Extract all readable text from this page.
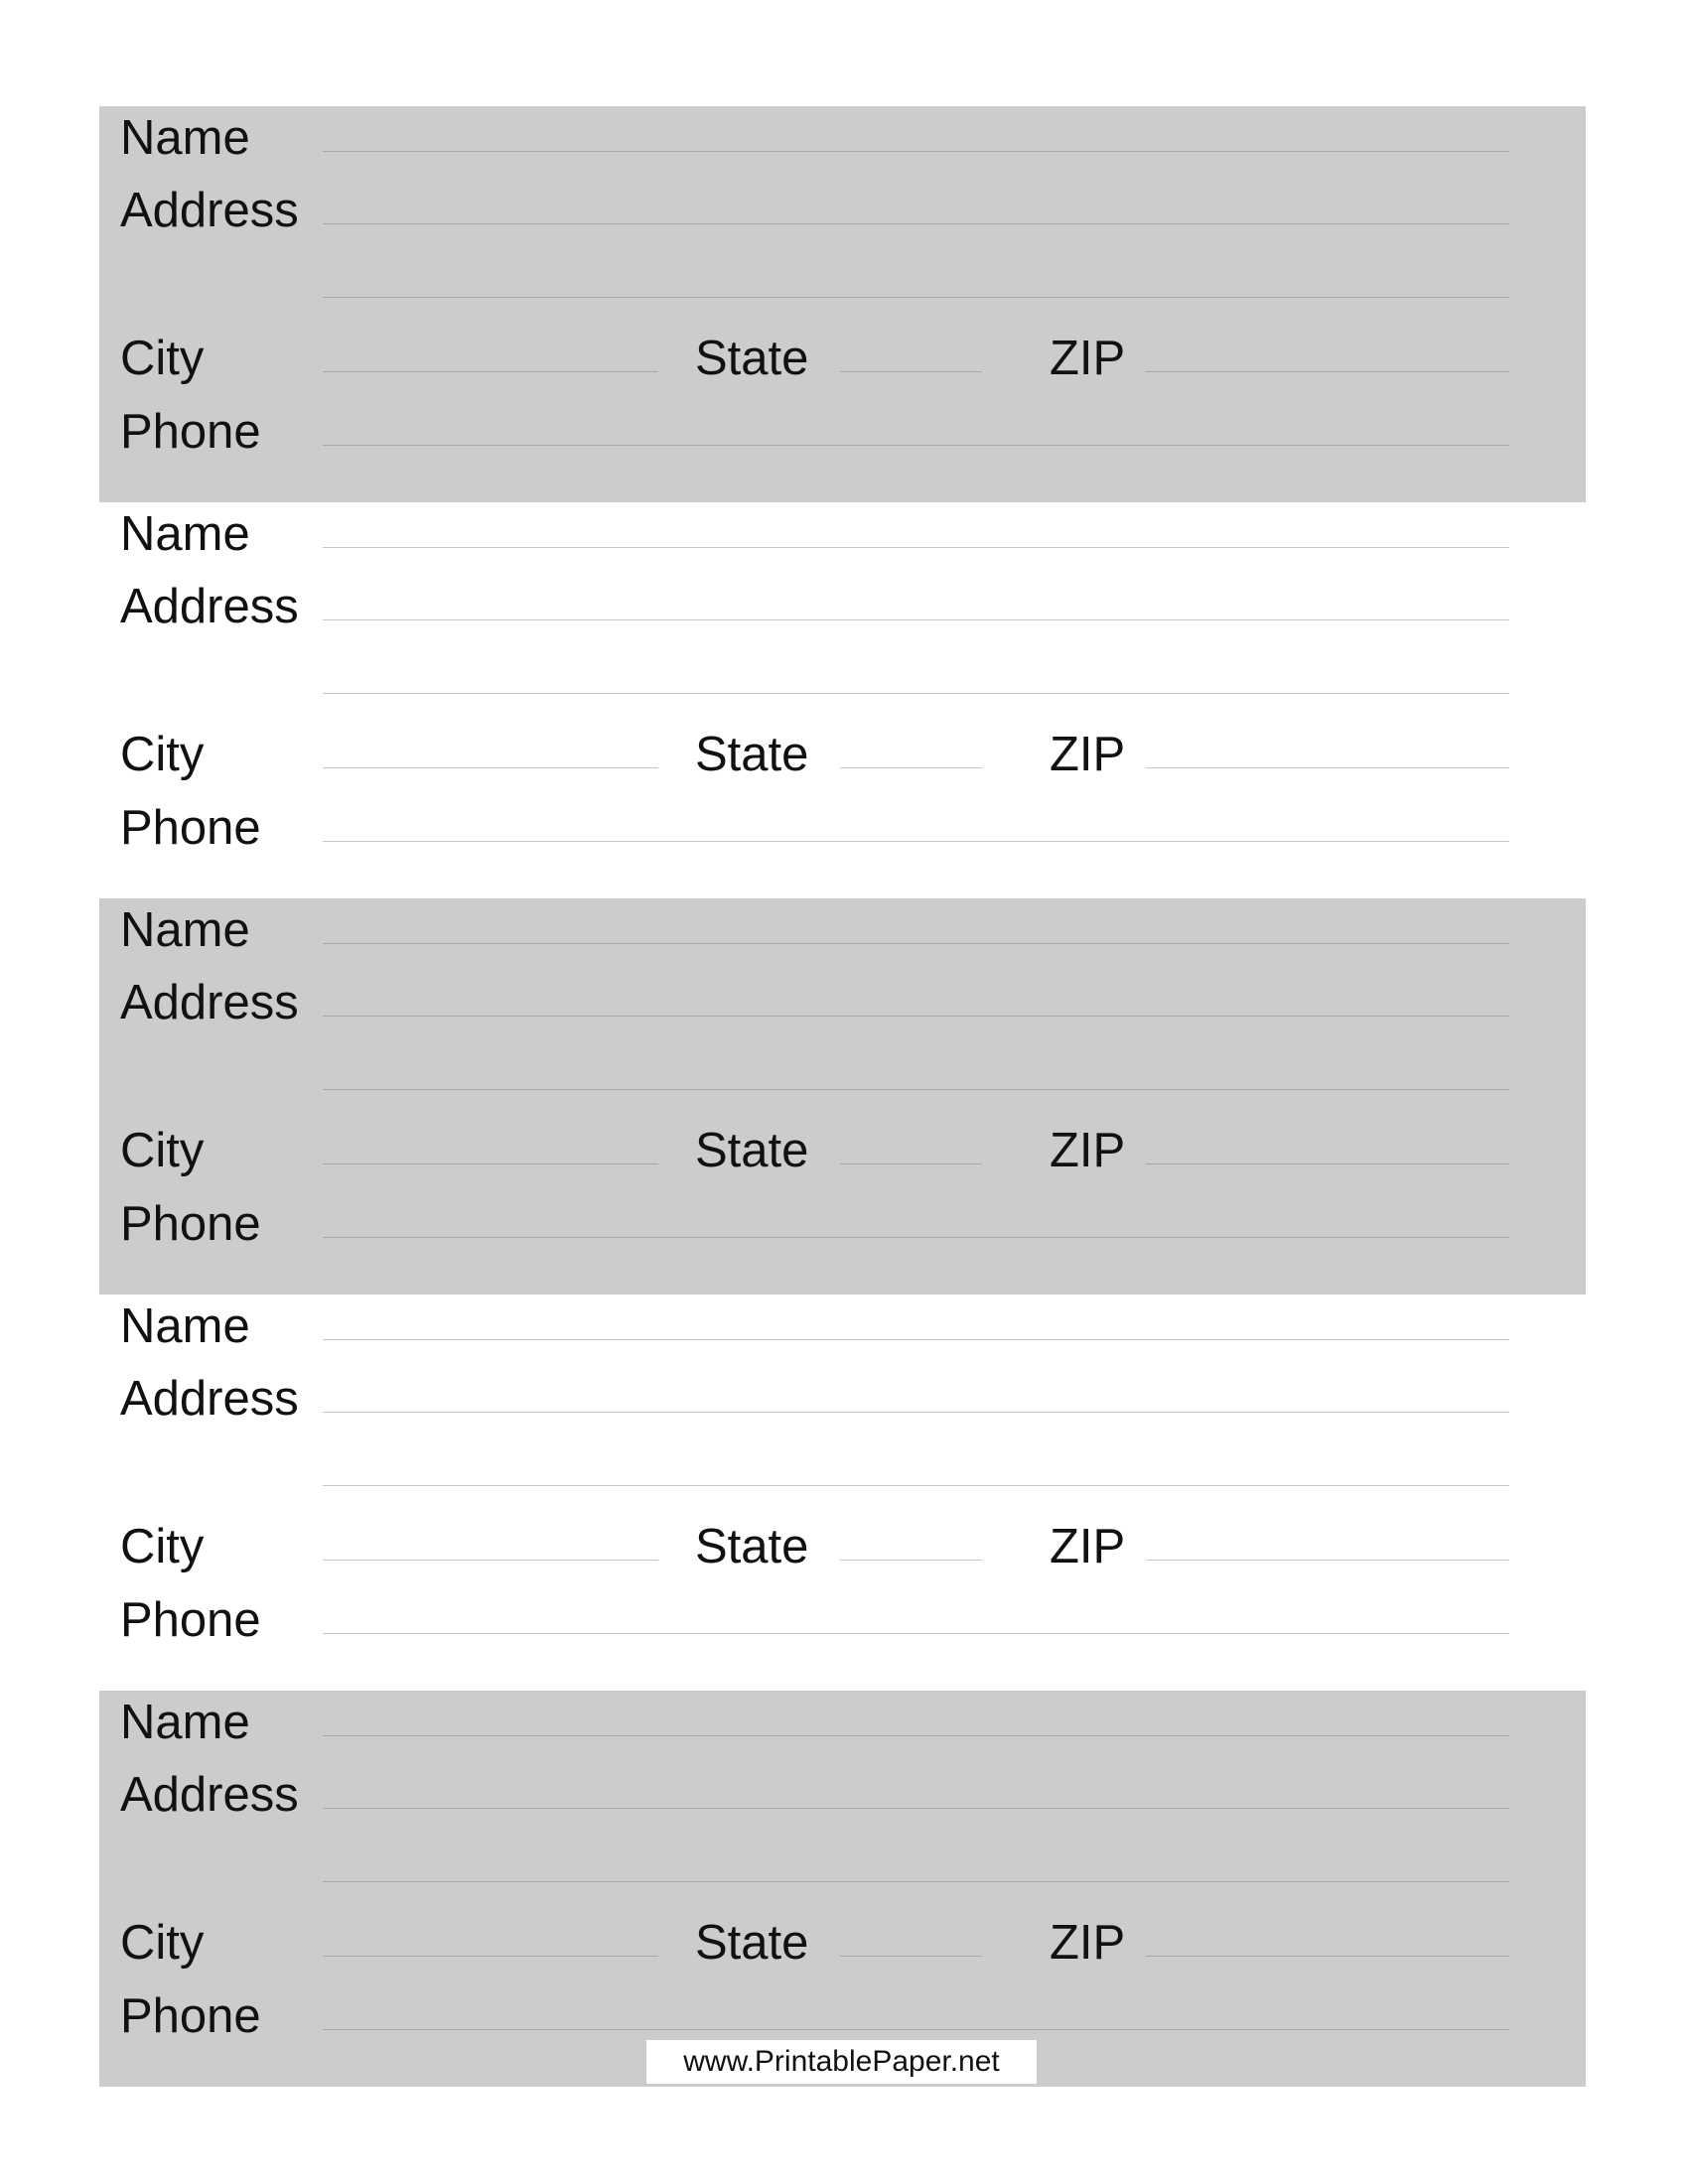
Name
Address
City	State	ZIP
Phone
Name
Address
City	State	ZIP
Phone
Name
Address
City	State	ZIP
Phone
Name
Address
City	State	ZIP
Phone
Name
Address
City	State	ZIP
Phone
www.PrintablePaper.net
